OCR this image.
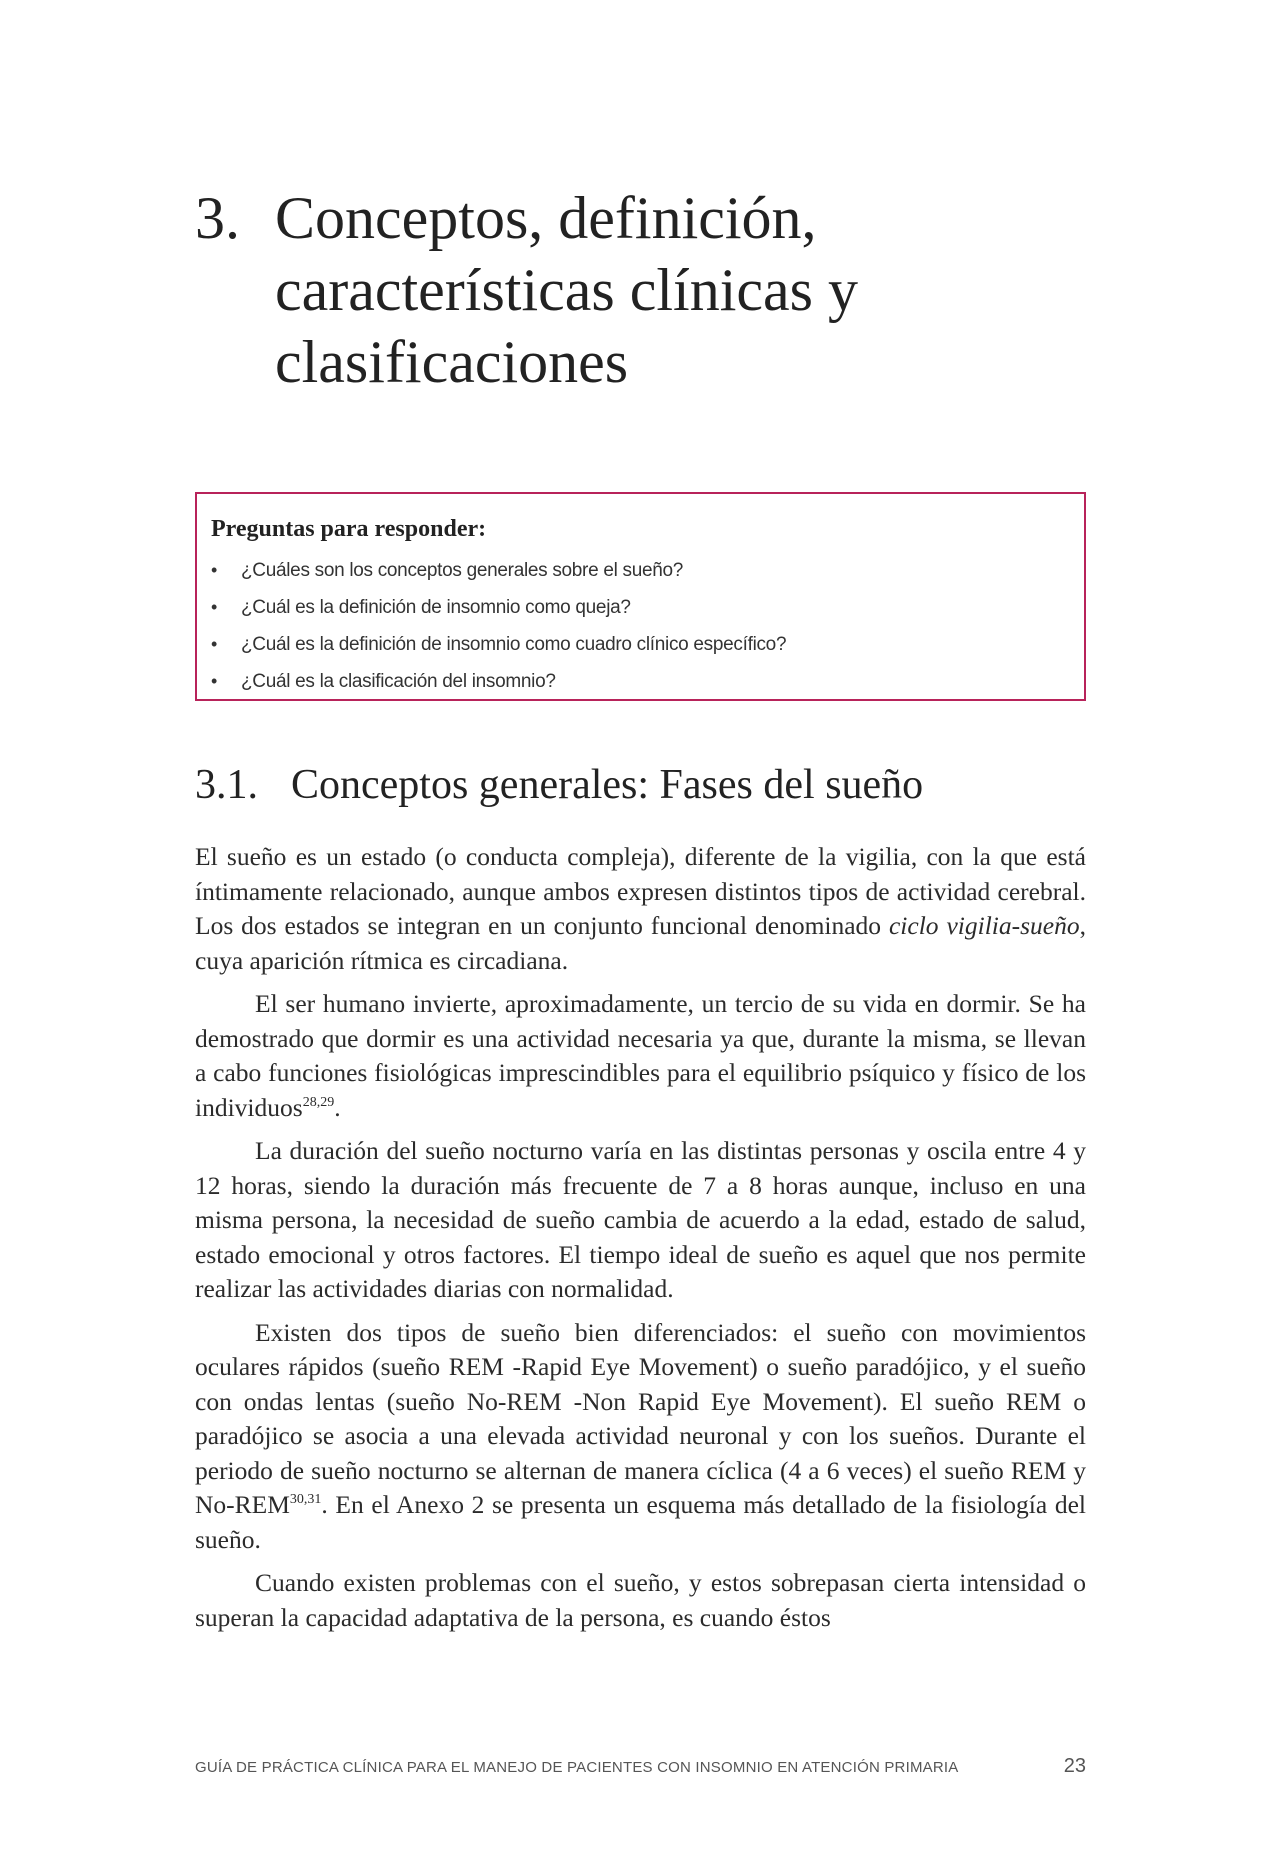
3. Conceptos, definición, características clínicas y clasificaciones
Preguntas para responder:
• ¿Cuáles son los conceptos generales sobre el sueño?
• ¿Cuál es la definición de insomnio como queja?
• ¿Cuál es la definición de insomnio como cuadro clínico específico?
• ¿Cuál es la clasificación del insomnio?
3.1. Conceptos generales: Fases del sueño

El sueño es un estado (o conducta compleja), diferente de la vigilia, con la que está íntimamente relacionado, aunque ambos expresen distintos tipos de actividad cerebral. Los dos estados se integran en un conjunto funcional denominado ciclo vigilia-sueño, cuya aparición rítmica es circadiana.

El ser humano invierte, aproximadamente, un tercio de su vida en dormir. Se ha demostrado que dormir es una actividad necesaria ya que, durante la misma, se llevan a cabo funciones fisiológicas imprescindibles para el equilibrio psíquico y físico de los individuos$^{28,29}$.

La duración del sueño nocturno varía en las distintas personas y oscila entre 4 y 12 horas, siendo la duración más frecuente de 7 a 8 horas aunque, incluso en una misma persona, la necesidad de sueño cambia de acuerdo a la edad, estado de salud, estado emocional y otros factores. El tiempo ideal de sueño es aquel que nos permite realizar las actividades diarias con normalidad.

Existen dos tipos de sueño bien diferenciados: el sueño con movimientos oculares rápidos (sueño REM -Rapid Eye Movement) o sueño paradójico, y el sueño con ondas lentas (sueño No-REM -Non Rapid Eye Movement). El sueño REM o paradójico se asocia a una elevada actividad neuronal y con los sueños. Durante el periodo de sueño nocturno se alternan de manera cíclica (4 a 6 veces) el sueño REM y No-REM$^{30,31}$. En el Anexo 2 se presenta un esquema más detallado de la fisiología del sueño.

Cuando existen problemas con el sueño, y estos sobrepasan cierta intensidad o superan la capacidad adaptativa de la persona, es cuando éstos

GUÍA DE PRÁCTICA CLÍNICA PARA EL MANEJO DE PACIENTES CON INSOMNIO EN ATENCIÓN PRIMARIA	23
